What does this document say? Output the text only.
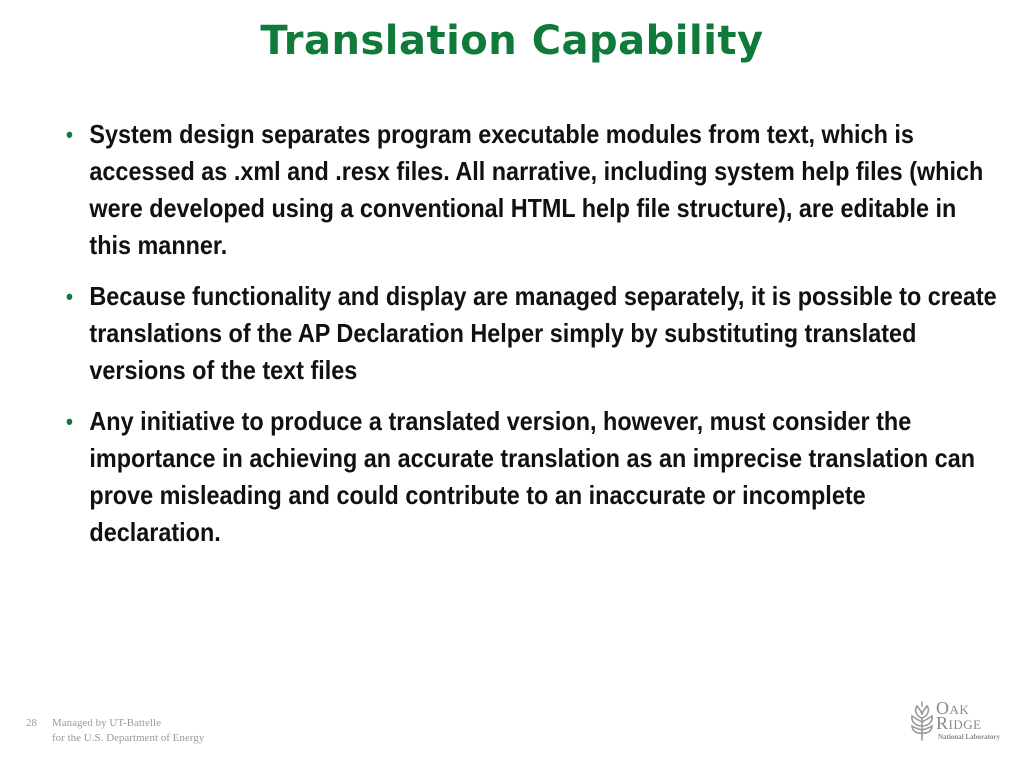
Translation Capability
• System design separates program executable modules from text, which is accessed as .xml and .resx files. All narrative, including system help files (which were developed using a conventional HTML help file structure), are editable in this manner.
• Because functionality and display are managed separately, it is possible to create translations of the AP Declaration Helper simply by substituting translated versions of the text files
• Any initiative to produce a translated version, however, must consider the importance in achieving an accurate translation as an imprecise translation can prove misleading and could contribute to an inaccurate or incomplete declaration.
28 Managed by UT-Battelle
for the U.S. Department of Energy
Oak
Ridge
National Laboratory
